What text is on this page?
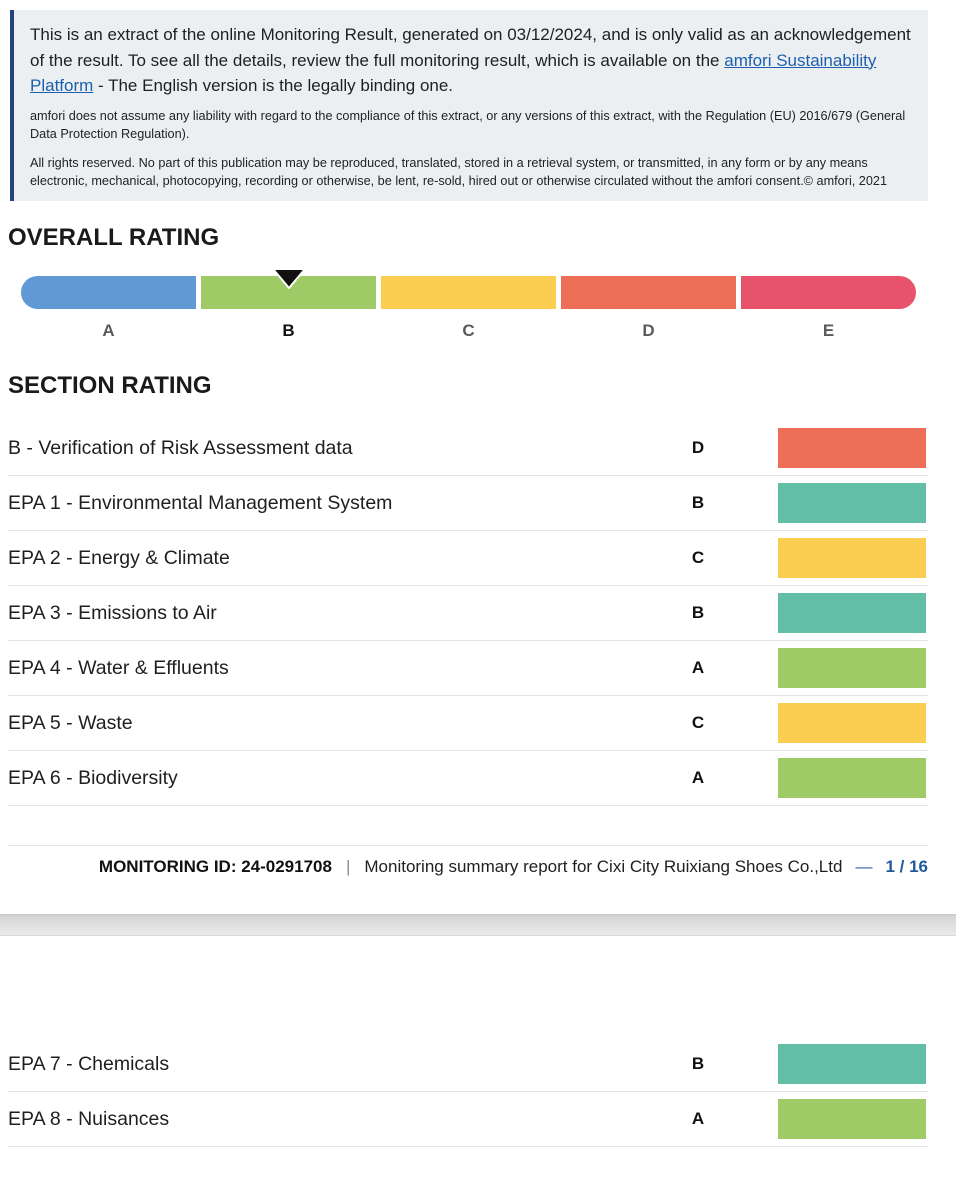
This is an extract of the online Monitoring Result, generated on 03/12/2024, and is only valid as an acknowledgement of the result. To see all the details, review the full monitoring result, which is available on the amfori Sustainability Platform - The English version is the legally binding one.

amfori does not assume any liability with regard to the compliance of this extract, or any versions of this extract, with the Regulation (EU) 2016/679 (General Data Protection Regulation).

All rights reserved. No part of this publication may be reproduced, translated, stored in a retrieval system, or transmitted, in any form or by any means electronic, mechanical, photocopying, recording or otherwise, be lent, re-sold, hired out or otherwise circulated without the amfori consent.© amfori, 2021

OVERALL RATING
A	B	C	D	E
SECTION RATING
B - Verification of Risk Assessment data	D
EPA 1 - Environmental Management System	B
EPA 2 - Energy & Climate	C
EPA 3 - Emissions to Air	B
EPA 4 - Water & Effluents	A
EPA 5 - Waste	C
EPA 6 - Biodiversity	A
MONITORING ID: 24-0291708 | Monitoring summary report for Cixi City Ruixiang Shoes Co.,Ltd — 1 / 16
EPA 7 - Chemicals	B
EPA 8 - Nuisances	A
